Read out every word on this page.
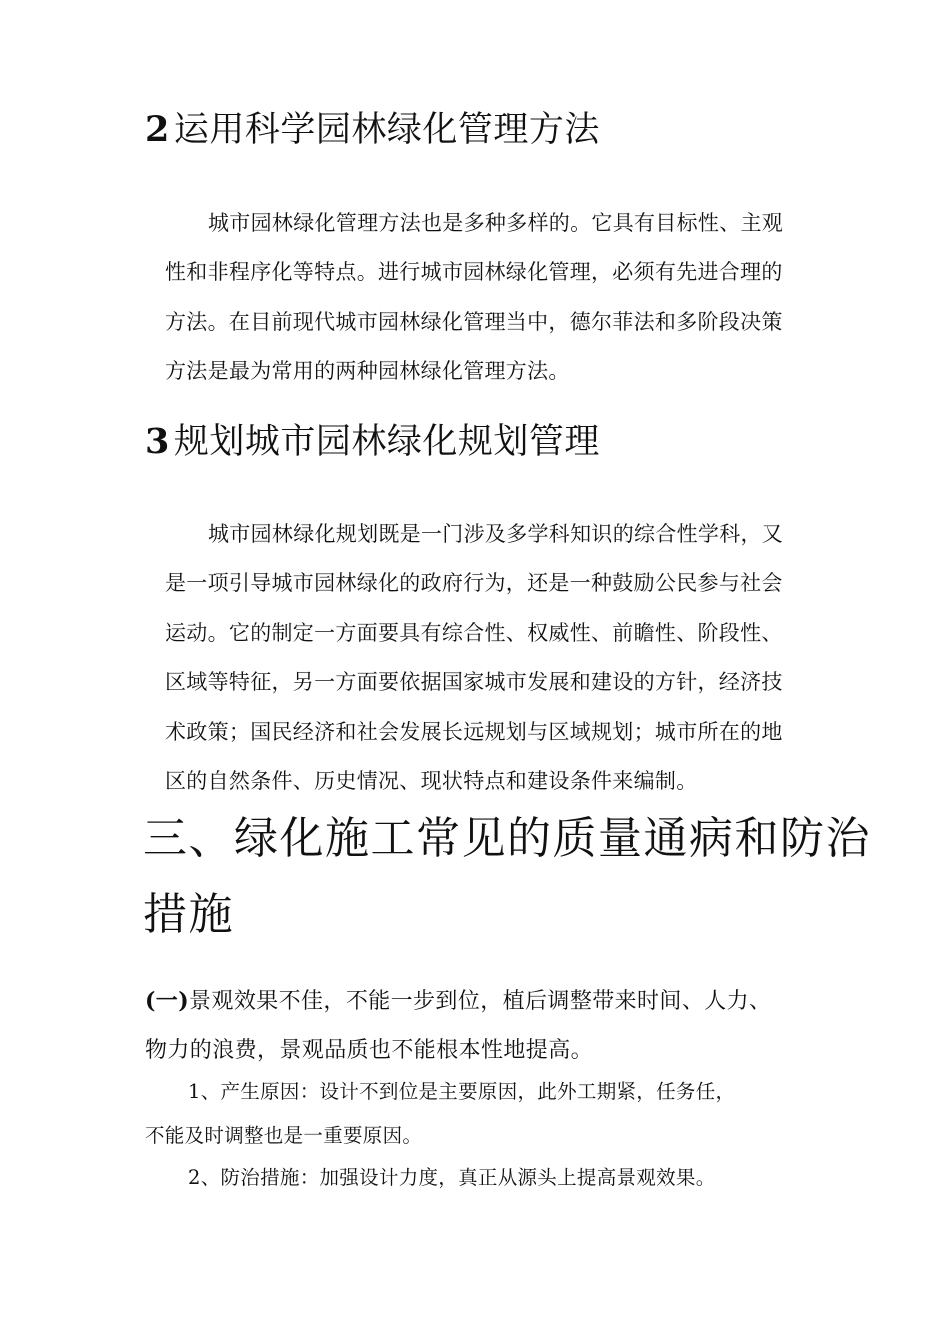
2 运用科学园林绿化管理方法
城市园林绿化管理方法也是多种多样的。它具有目标性、主观
性和非程序化等特点。进行城市园林绿化管理，必须有先进合理的
方法。在目前现代城市园林绿化管理当中，德尔菲法和多阶段决策
方法是最为常用的两种园林绿化管理方法。
3 规划城市园林绿化规划管理
城市园林绿化规划既是一门涉及多学科知识的综合性学科，又
是一项引导城市园林绿化的政府行为，还是一种鼓励公民参与社会
运动。它的制定一方面要具有综合性、权威性、前瞻性、阶段性、
区域等特征，另一方面要依据国家城市发展和建设的方针，经济技
术政策；国民经济和社会发展长远规划与区域规划；城市所在的地
区的自然条件、历史情况、现状特点和建设条件来编制。
三、绿化施工常见的质量通病和防治
措施
(一)景观效果不佳，不能一步到位，植后调整带来时间、人力、
物力的浪费，景观品质也不能根本性地提高。
1、产生原因：设计不到位是主要原因，此外工期紧，任务任，
不能及时调整也是一重要原因。
2、防治措施：加强设计力度，真正从源头上提高景观效果。
